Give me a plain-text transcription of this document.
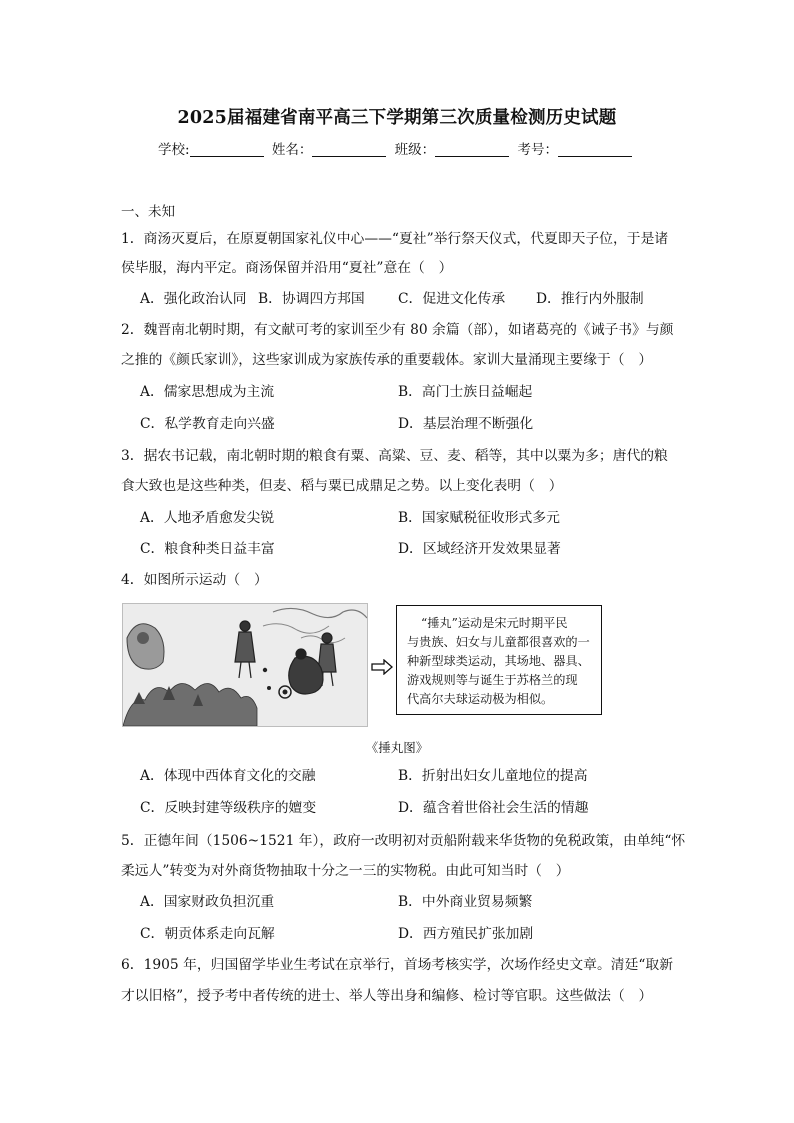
2025届福建省南平高三下学期第三次质量检测历史试题
学校:	姓名：	班级：	考号：
一、未知
1．商汤灭夏后，在原夏朝国家礼仪中心——“夏社”举行祭天仪式，代夏即天子位，于是诸
侯毕服，海内平定。商汤保留并沿用“夏社”意在（　）
A．强化政治认同 B．协调四方邦国 C．促进文化传承 D．推行内外服制
2．魏晋南北朝时期，有文献可考的家训至少有 80 余篇（部），如诸葛亮的《诫子书》与颜
之推的《颜氏家训》，这些家训成为家族传承的重要载体。家训大量涌现主要缘于（　）
A．儒家思想成为主流	B．高门士族日益崛起
C．私学教育走向兴盛	D．基层治理不断强化
3．据农书记载，南北朝时期的粮食有粟、高粱、豆、麦、稻等，其中以粟为多；唐代的粮
食大致也是这些种类，但麦、稻与粟已成鼎足之势。以上变化表明（　）
A．人地矛盾愈发尖锐	B．国家赋税征收形式多元
C．粮食种类日益丰富	D．区域经济开发效果显著
4．如图所示运动（　）
“捶丸”运动是宋元时期平民
与贵族、妇女与儿童都很喜欢的一
种新型球类运动，其场地、器具、
游戏规则等与诞生于苏格兰的现
代高尔夫球运动极为相似。
《捶丸图》
A．体现中西体育文化的交融	B．折射出妇女儿童地位的提高
C．反映封建等级秩序的嬗变	D．蕴含着世俗社会生活的情趣
5．正德年间（1506~1521 年），政府一改明初对贡船附载来华货物的免税政策，由单纯“怀
柔远人”转变为对外商货物抽取十分之一三的实物税。由此可知当时（　）
A．国家财政负担沉重	B．中外商业贸易频繁
C．朝贡体系走向瓦解	D．西方殖民扩张加剧
6．1905 年，归国留学毕业生考试在京举行，首场考核实学，次场作经史文章。清廷“取新
才以旧格”，授予考中者传统的进士、举人等出身和编修、检讨等官职。这些做法（　）
